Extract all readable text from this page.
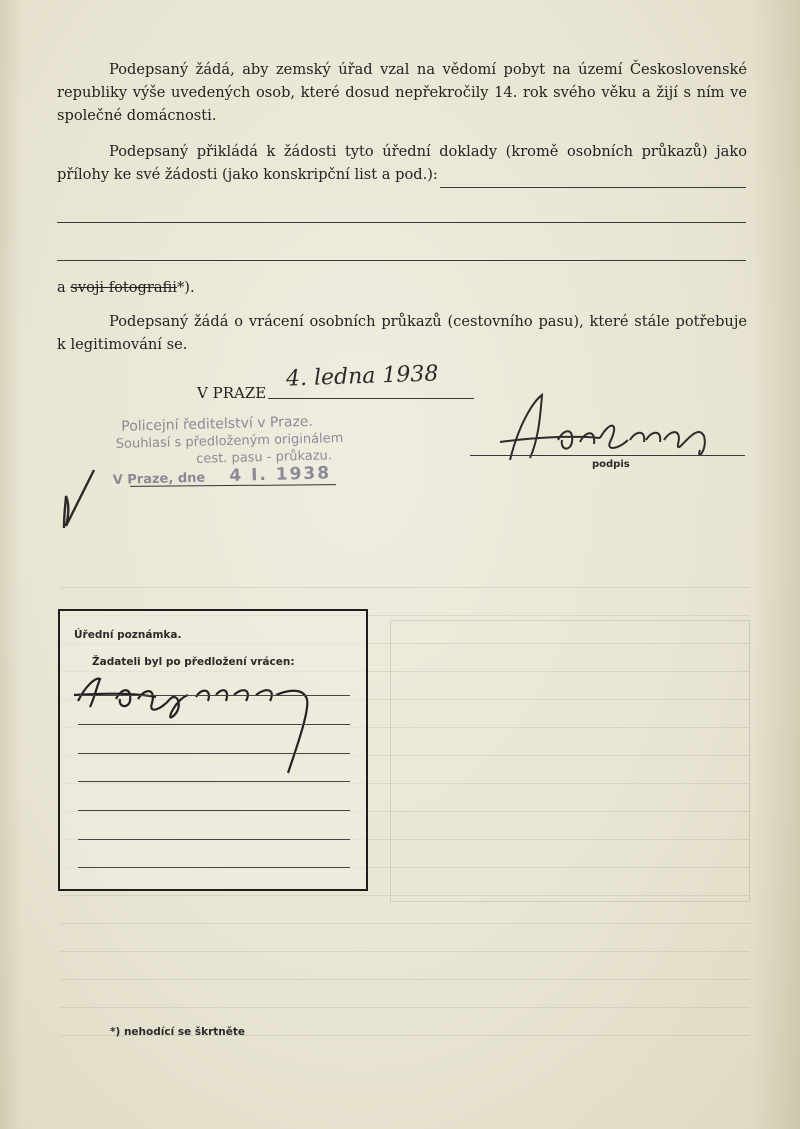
Podepsaný žádá, aby zemský úřad vzal na vědomí pobyt na území Československé republiky výše uvedených osob, které dosud nepřekročily 14. rok svého věku a žijí s ním ve společné domácnosti.
Podepsaný přikládá k žádosti tyto úřední doklady (kromě osobních průkazů) jako přílohy ke své žádosti (jako konskripční list a pod.):
a svoji fotografii*).
Podepsaný žádá o vrácení osobních průkazů (cestovního pasu), které stále potřebuje k legitimování se.
V PRAZE
4. ledna 1938
podpis
Policejní ředitelství v Praze.
Souhlasí s předloženým originálem
cest. pasu - průkazu.
V Praze, dne 4 I. 1938
Úřední poznámka.
Žadateli byl po předložení vrácen:
*) nehodící se škrtněte
